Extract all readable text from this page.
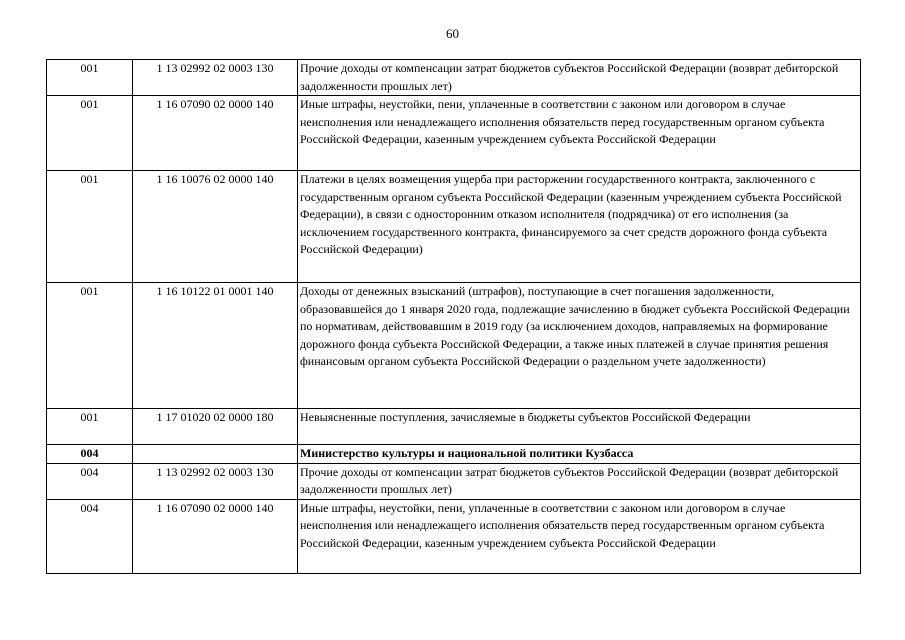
60
001	1 13 02992 02 0003 130	Прочие доходы от компенсации затрат бюджетов субъектов Российской Федерации (возврат дебиторской задолженности прошлых лет)
001	1 16 07090 02 0000 140	Иные штрафы, неустойки, пени, уплаченные в соответствии с законом или договором в случае неисполнения или ненадлежащего исполнения обязательств перед государственным органом субъекта Российской Федерации, казенным учреждением субъекта Российской Федерации
001	1 16 10076 02 0000 140	Платежи в целях возмещения ущерба при расторжении государственного контракта, заключенного с государственным органом субъекта Российской Федерации (казенным учреждением субъекта Российской Федерации), в связи с односторонним отказом исполнителя (подрядчика) от его исполнения (за исключением государственного контракта, финансируемого за счет средств дорожного фонда субъекта Российской Федерации)
001	1 16 10122 01 0001 140	Доходы от денежных взысканий (штрафов), поступающие в счет погашения задолженности, образовавшейся до 1 января 2020 года, подлежащие зачислению в бюджет субъекта Российской Федерации по нормативам, действовавшим в 2019 году (за исключением доходов, направляемых на формирование дорожного фонда субъекта Российской Федерации, а также иных платежей в случае принятия решения финансовым органом субъекта Российской Федерации о раздельном учете задолженности)
001	1 17 01020 02 0000 180	Невыясненные поступления, зачисляемые в бюджеты субъектов Российской Федерации
004		Министерство культуры и национальной политики Кузбасса
004	1 13 02992 02 0003 130	Прочие доходы от компенсации затрат бюджетов субъектов Российской Федерации (возврат дебиторской задолженности прошлых лет)
004	1 16 07090 02 0000 140	Иные штрафы, неустойки, пени, уплаченные в соответствии с законом или договором в случае неисполнения или ненадлежащего исполнения обязательств перед государственным органом субъекта Российской Федерации, казенным учреждением субъекта Российской Федерации
